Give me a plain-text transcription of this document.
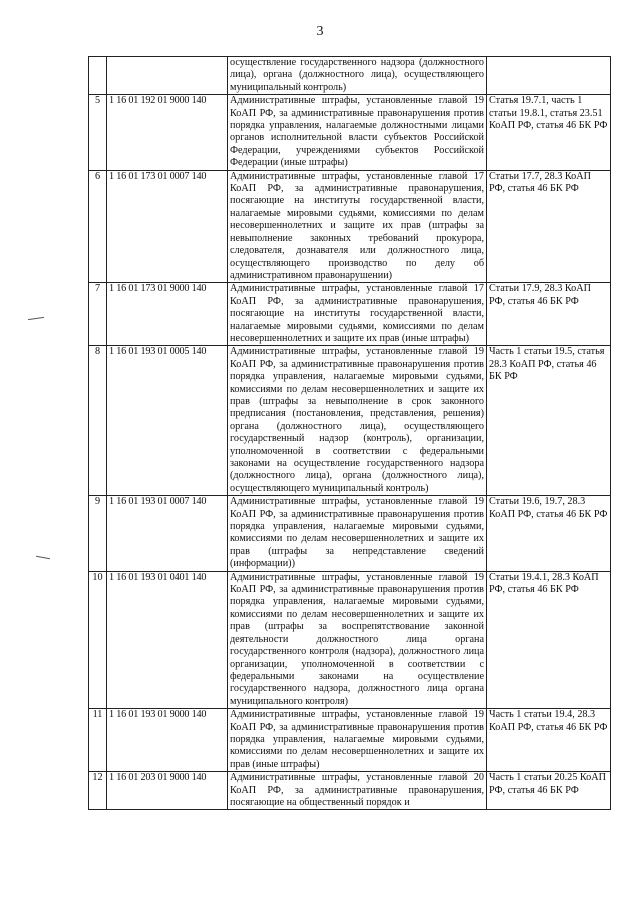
3
		осуществление государственного надзора (должностного лица), органа (должностного лица), осуществляющего муниципальный контроль)	
5	1 16 01 192 01 9000 140	Административные штрафы, установленные главой 19 КоАП РФ, за административные правонарушения против порядка управления, налагаемые должностными лицами органов исполнительной власти субъектов Российской Федерации, учреждениями субъектов Российской Федерации (иные штрафы)	Статья 19.7.1, часть 1 статьи 19.8.1, статья 23.51 КоАП РФ, статья 46 БК РФ
6	1 16 01 173 01 0007 140	Административные штрафы, установленные главой 17 КоАП РФ, за административные правонарушения, посягающие на институты государственной власти, налагаемые мировыми судьями, комиссиями по делам несовершеннолетних и защите их прав (штрафы за невыполнение законных требований прокурора, следователя, дознавателя или должностного лица, осуществляющего производство по делу об административном правонарушении)	Статьи 17.7, 28.3 КоАП РФ, статья 46 БК РФ
7	1 16 01 173 01 9000 140	Административные штрафы, установленные главой 17 КоАП РФ, за административные правонарушения, посягающие на институты государственной власти, налагаемые мировыми судьями, комиссиями по делам несовершеннолетних и защите их прав (иные штрафы)	Статьи 17.9, 28.3 КоАП РФ, статья 46 БК РФ
8	1 16 01 193 01 0005 140	Административные штрафы, установленные главой 19 КоАП РФ, за административные правонарушения против порядка управления, налагаемые мировыми судьями, комиссиями по делам несовершеннолетних и защите их прав (штрафы за невыполнение в срок законного предписания (постановления, представления, решения) органа (должностного лица), осуществляющего государственный надзор (контроль), организации, уполномоченной в соответствии с федеральными законами на осуществление государственного надзора (должностного лица), органа (должностного лица), осуществляющего муниципальный контроль)	Часть 1 статьи 19.5, статья 28.3 КоАП РФ, статья 46 БК РФ
9	1 16 01 193 01 0007 140	Административные штрафы, установленные главой 19 КоАП РФ, за административные правонарушения против порядка управления, налагаемые мировыми судьями, комиссиями по делам несовершеннолетних и защите их прав (штрафы за непредставление сведений (информации))	Статьи 19.6, 19.7, 28.3 КоАП РФ, статья 46 БК РФ
10	1 16 01 193 01 0401 140	Административные штрафы, установленные главой 19 КоАП РФ, за административные правонарушения против порядка управления, налагаемые мировыми судьями, комиссиями по делам несовершеннолетних и защите их прав (штрафы за воспрепятствование законной деятельности должностного лица органа государственного контроля (надзора), должностного лица организации, уполномоченной в соответствии с федеральными законами на осуществление государственного надзора, должностного лица органа муниципального контроля)	Статьи 19.4.1, 28.3 КоАП РФ, статья 46 БК РФ
11	1 16 01 193 01 9000 140	Административные штрафы, установленные главой 19 КоАП РФ, за административные правонарушения против порядка управления, налагаемые мировыми судьями, комиссиями по делам несовершеннолетних и защите их прав (иные штрафы)	Часть 1 статьи 19.4, 28.3 КоАП РФ, статья 46 БК РФ
12	1 16 01 203 01 9000 140	Административные штрафы, установленные главой 20 КоАП РФ, за административные правонарушения, посягающие на общественный порядок и	Часть 1 статьи 20.25 КоАП РФ, статья 46 БК РФ
